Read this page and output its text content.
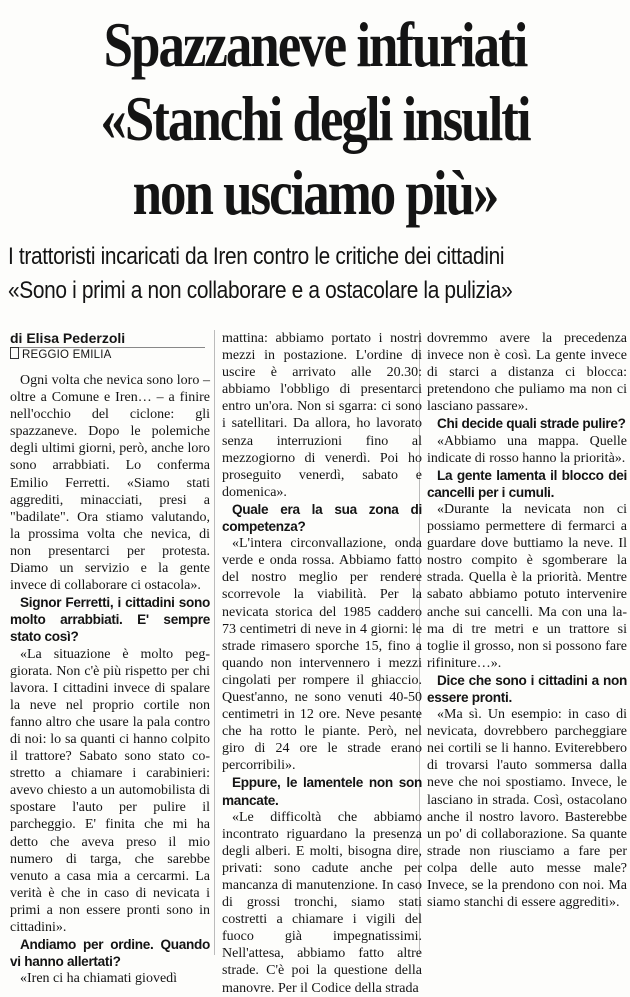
Spazzaneve infuriati
«Stanchi degli insulti
non usciamo più»
I trattoristi incaricati da Iren contro le critiche dei cittadini
«Sono i primi a non collaborare e a ostacolare la pulizia»
di Elisa Pederzoli
REGGIO EMILIA

Ogni volta che nevica sono loro – oltre a Comune e Iren… – a finire nell'occhio del ciclone: gli spazzaneve. Dopo le polemiche degli ultimi giorni, però, anche loro sono arrabbiati. Lo conferma Emilio Ferretti. «Siamo stati aggrediti, minacciati, presi a "badilate". Ora stiamo valutando, la prossima volta che nevica, di non presentarci per protesta. Diamo un servizio e la gente invece di collaborare ci ostacola».

Signor Ferretti, i cittadini sono molto arrabbiati. E' sempre stato così?

«La situazione è molto peggiorata. Non c'è più rispetto per chi lavora. I cittadini invece di spalare la neve nel proprio cortile non fanno altro che usare la pala contro di noi: lo sa quanti ci hanno colpito il trattore? Sabato sono stato costretto a chiamare i carabinieri: avevo chiesto a un automobilista di spostare l'auto per pulire il parcheggio. E' finita che mi ha detto che aveva preso il mio numero di targa, che sarebbe venuto a casa mia a cercarmi. La verità è che in caso di nevicata i primi a non essere pronti sono in cittadini».

Andiamo per ordine. Quando vi hanno allertati?

«Iren ci ha chiamati giovedì

mattina: abbiamo portato i nostri mezzi in postazione. L'ordine di uscire è arrivato alle 20.30: abbiamo l'obbligo di presentarci entro un'ora. Non si sgarra: ci sono i satellitari. Da allora, ho lavorato senza interruzioni fino al mezzogiorno di venerdì. Poi ho proseguito venerdì, sabato e domenica».

Quale era la sua zona di competenza?

«L'intera circonvallazione, onda verde e onda rossa. Abbiamo fatto del nostro meglio per rendere scorrevole la viabilità. Per la nevicata storica del 1985 caddero 73 centimetri di neve in 4 giorni: le strade rimasero sporche 15, fino a quando non intervennero i mezzi cingolati per rompere il ghiaccio. Quest'anno, ne sono venuti 40-50 centimetri in 12 ore. Neve pesante che ha rotto le piante. Però, nel giro di 24 ore le strade erano percorribili».

Eppure, le lamentele non son mancate.

«Le difficoltà che abbiamo incontrato riguardano la presenza degli alberi. E molti, bisogna dire, privati: sono cadute anche per mancanza di manutenzione. In caso di grossi tronchi, siamo stati costretti a chiamare i vigili del fuoco già impegnatissimi. Nell'attesa, abbiamo fatto altre strade. C'è poi la questione della manovre. Per il Codice della strada

dovremmo avere la precedenza invece non è così. La gente invece di starci a distanza ci blocca: pretendono che puliamo ma non ci lasciano passare».

Chi decide quali strade pulire?

«Abbiamo una mappa. Quelle indicate di rosso hanno la priorità».

La gente lamenta il blocco dei cancelli per i cumuli.

«Durante la nevicata non ci possiamo permettere di fermarci a guardare dove buttiamo la neve. Il nostro compito è sgomberare la strada. Quella è la priorità. Mentre sabato abbiamo potuto intervenire anche sui cancelli. Ma con una lama di tre metri e un trattore si toglie il grosso, non si possono fare rifiniture…».

Dice che sono i cittadini a non essere pronti.

«Ma sì. Un esempio: in caso di nevicata, dovrebbero parcheggiare nei cortili se li hanno. Eviterebbero di trovarsi l'auto sommersa dalla neve che noi spostiamo. Invece, le lasciano in strada. Così, ostacolano anche il nostro lavoro. Basterebbe un po' di collaborazione. Sa quante strade non riusciamo a fare per colpa delle auto messe male? Invece, se la prendono con noi. Ma siamo stanchi di essere aggrediti».
